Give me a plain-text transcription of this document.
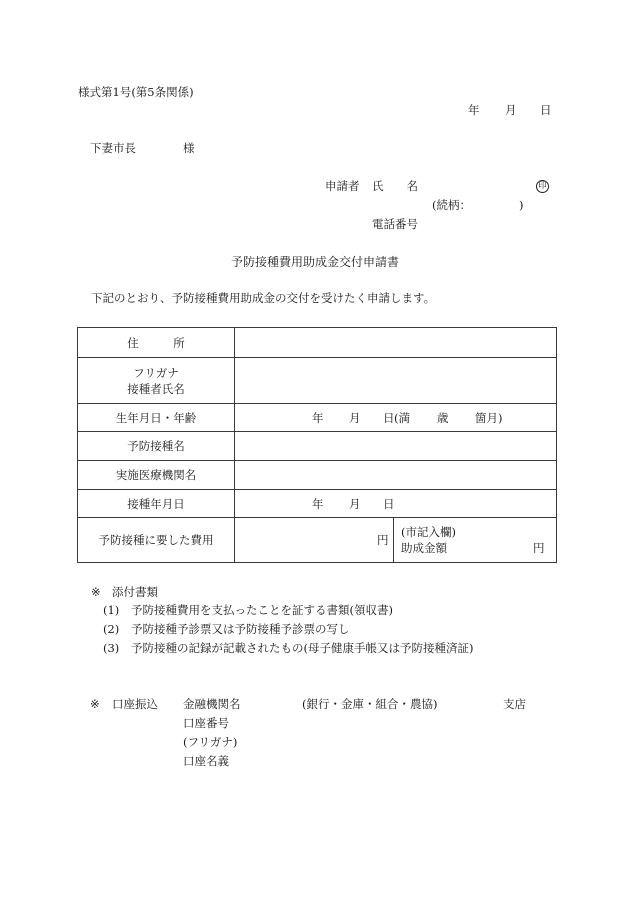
様式第1号(第5条関係)
年 月 日
下妻市長	様
申請者 氏　　名	印
(続柄：	)
電話番号
予防接種費用助成金交付申請書
下記のとおり、予防接種費用助成金の交付を受けたく申請します。
住　　　所
フリガナ
接種者氏名
生年月日・年齢	年 月 日 (満 歳 箇月)
予防接種名
実施医療機関名
接種年月日	年 月 日
予防接種に要した費用	円
(市記入欄)
助成金額	円
※ 添付書類
(1) 予防接種費用を支払ったことを証する書類(領収書)
(2) 予防接種予診票又は予防接種予診票の写し
(3) 予防接種の記録が記載されたもの(母子健康手帳又は予防接種済証)
※ 口座振込 金融機関名	(銀行・金庫・組合・農協)	支店
口座番号
(フリガナ)
口座名義
